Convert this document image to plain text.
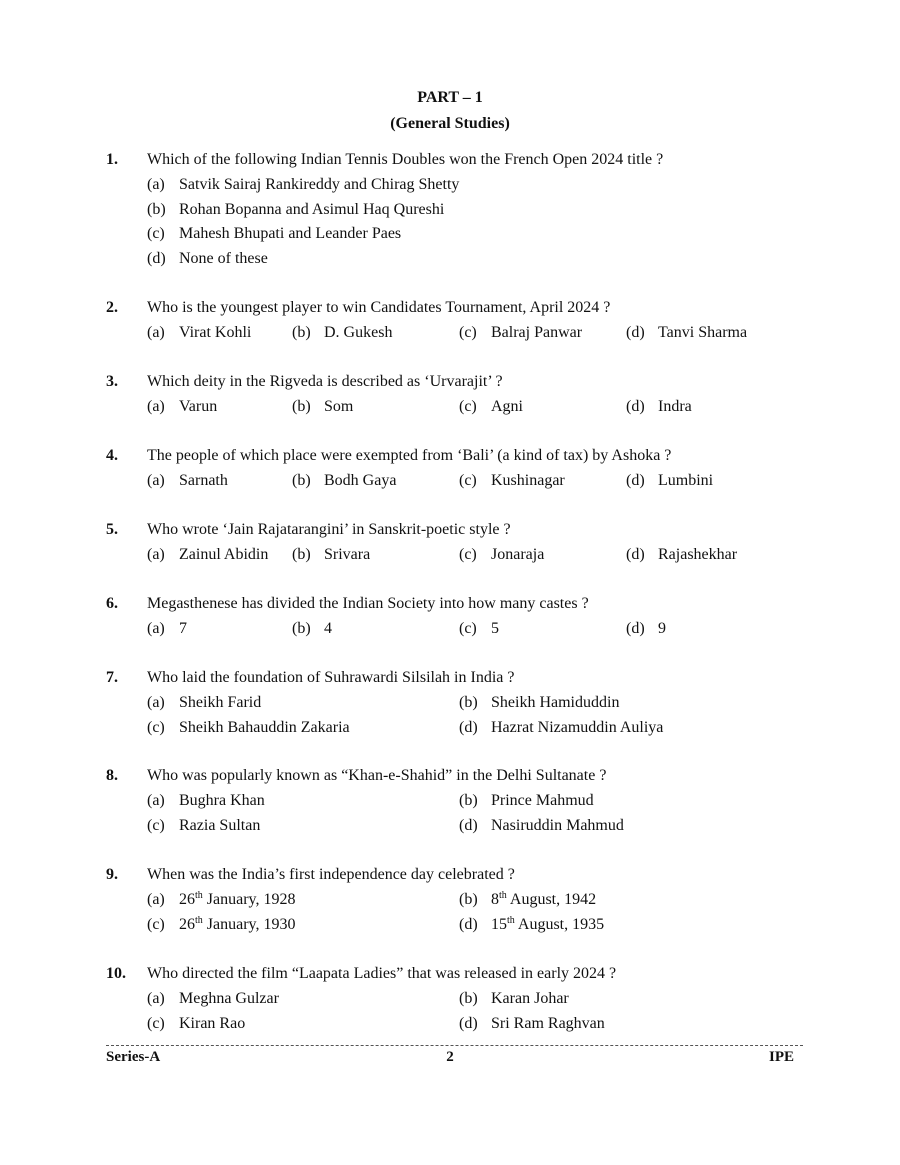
PART – 1
(General Studies)
1. Which of the following Indian Tennis Doubles won the French Open 2024 title ?
(a) Satvik Sairaj Rankireddy and Chirag Shetty
(b) Rohan Bopanna and Asimul Haq Qureshi
(c) Mahesh Bhupati and Leander Paes
(d) None of these
2. Who is the youngest player to win Candidates Tournament, April 2024 ?
(a) Virat Kohli	(b) D. Gukesh	(c) Balraj Panwar	(d) Tanvi Sharma
3. Which deity in the Rigveda is described as ‘Urvarajit’ ?
(a) Varun	(b) Som	(c) Agni	(d) Indra
4. The people of which place were exempted from ‘Bali’ (a kind of tax) by Ashoka ?
(a) Sarnath	(b) Bodh Gaya	(c) Kushinagar	(d) Lumbini
5. Who wrote ‘Jain Rajatarangini’ in Sanskrit-poetic style ?
(a) Zainul Abidin (b) Srivara	(c) Jonaraja	(d) Rajashekhar
6. Megasthenese has divided the Indian Society into how many castes ?
(a) 7	(b) 4	(c) 5	(d) 9
7. Who laid the foundation of Suhrawardi Silsilah in India ?
(a) Sheikh Farid	(b) Sheikh Hamiduddin
(c) Sheikh Bahauddin Zakaria	(d) Hazrat Nizamuddin Auliya
8. Who was popularly known as “Khan-e-Shahid” in the Delhi Sultanate ?
(a) Bughra Khan	(b) Prince Mahmud
(c) Razia Sultan	(d) Nasiruddin Mahmud
9. When was the India’s first independence day celebrated ?
(a) 26th January, 1928	(b) 8th August, 1942
(c) 26th January, 1930	(d) 15th August, 1935
10. Who directed the film “Laapata Ladies” that was released in early 2024 ?
(a) Meghna Gulzar	(b) Karan Johar
(c) Kiran Rao	(d) Sri Ram Raghvan
Series-A	2	IPE
